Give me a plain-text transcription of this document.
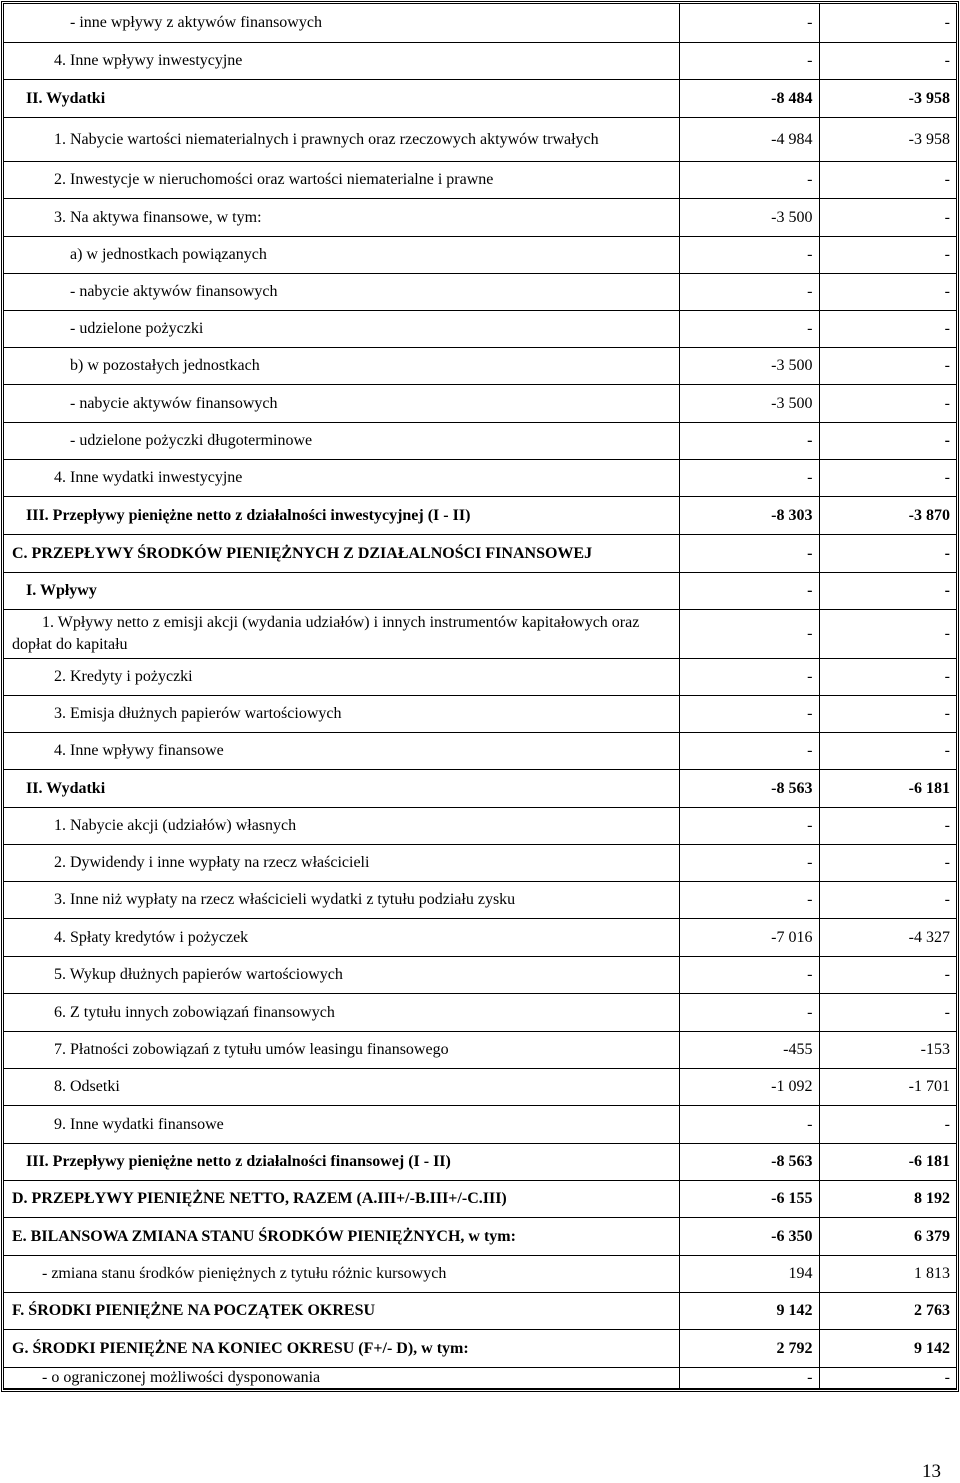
- inne wpływy z aktywów finansowych	-	-
4. Inne wpływy inwestycyjne	-	-
II. Wydatki	-8 484	-3 958
1. Nabycie wartości niematerialnych i prawnych oraz rzeczowych aktywów trwałych	-4 984	-3 958
2. Inwestycje w nieruchomości oraz wartości niematerialne i prawne	-	-
3. Na aktywa finansowe, w tym:	-3 500	-
a) w jednostkach powiązanych	-	-
- nabycie aktywów finansowych	-	-
- udzielone pożyczki	-	-
b) w pozostałych jednostkach	-3 500	-
- nabycie aktywów finansowych	-3 500	-
- udzielone pożyczki długoterminowe	-	-
4. Inne wydatki inwestycyjne	-	-
III. Przepływy pieniężne netto z działalności inwestycyjnej (I - II)	-8 303	-3 870
C. PRZEPŁYWY ŚRODKÓW PIENIĘŻNYCH Z DZIAŁALNOŚCI FINANSOWEJ	-	-
I. Wpływy	-	-

1. Wpływy netto z emisji akcji (wydania udziałów) i innych instrumentów kapitałowych oraz dopłat do kapitału	-	-
2. Kredyty i pożyczki	-	-
3. Emisja dłużnych papierów wartościowych	-	-
4. Inne wpływy finansowe	-	-
II. Wydatki	-8 563	-6 181
1. Nabycie akcji (udziałów) własnych	-	-
2. Dywidendy i inne wypłaty na rzecz właścicieli	-	-
3. Inne niż wypłaty na rzecz właścicieli wydatki z tytułu podziału zysku	-	-
4. Spłaty kredytów i pożyczek	-7 016	-4 327
5. Wykup dłużnych papierów wartościowych	-	-
6. Z tytułu innych zobowiązań finansowych	-	-
7. Płatności zobowiązań z tytułu umów leasingu finansowego	-455	-153
8. Odsetki	-1 092	-1 701
9. Inne wydatki finansowe	-	-
III. Przepływy pieniężne netto z działalności finansowej (I - II)	-8 563	-6 181
D. PRZEPŁYWY PIENIĘŻNE NETTO, RAZEM (A.III+/-B.III+/-C.III)	-6 155	8 192
E. BILANSOWA ZMIANA STANU ŚRODKÓW PIENIĘŻNYCH, w tym:	-6 350	6 379
- zmiana stanu środków pieniężnych z tytułu różnic kursowych	194	1 813
F. ŚRODKI PIENIĘŻNE NA POCZĄTEK OKRESU	9 142	2 763
G. ŚRODKI PIENIĘŻNE NA KONIEC OKRESU (F+/- D), w tym:	2 792	9 142
- o ograniczonej możliwości dysponowania	-	-
13
